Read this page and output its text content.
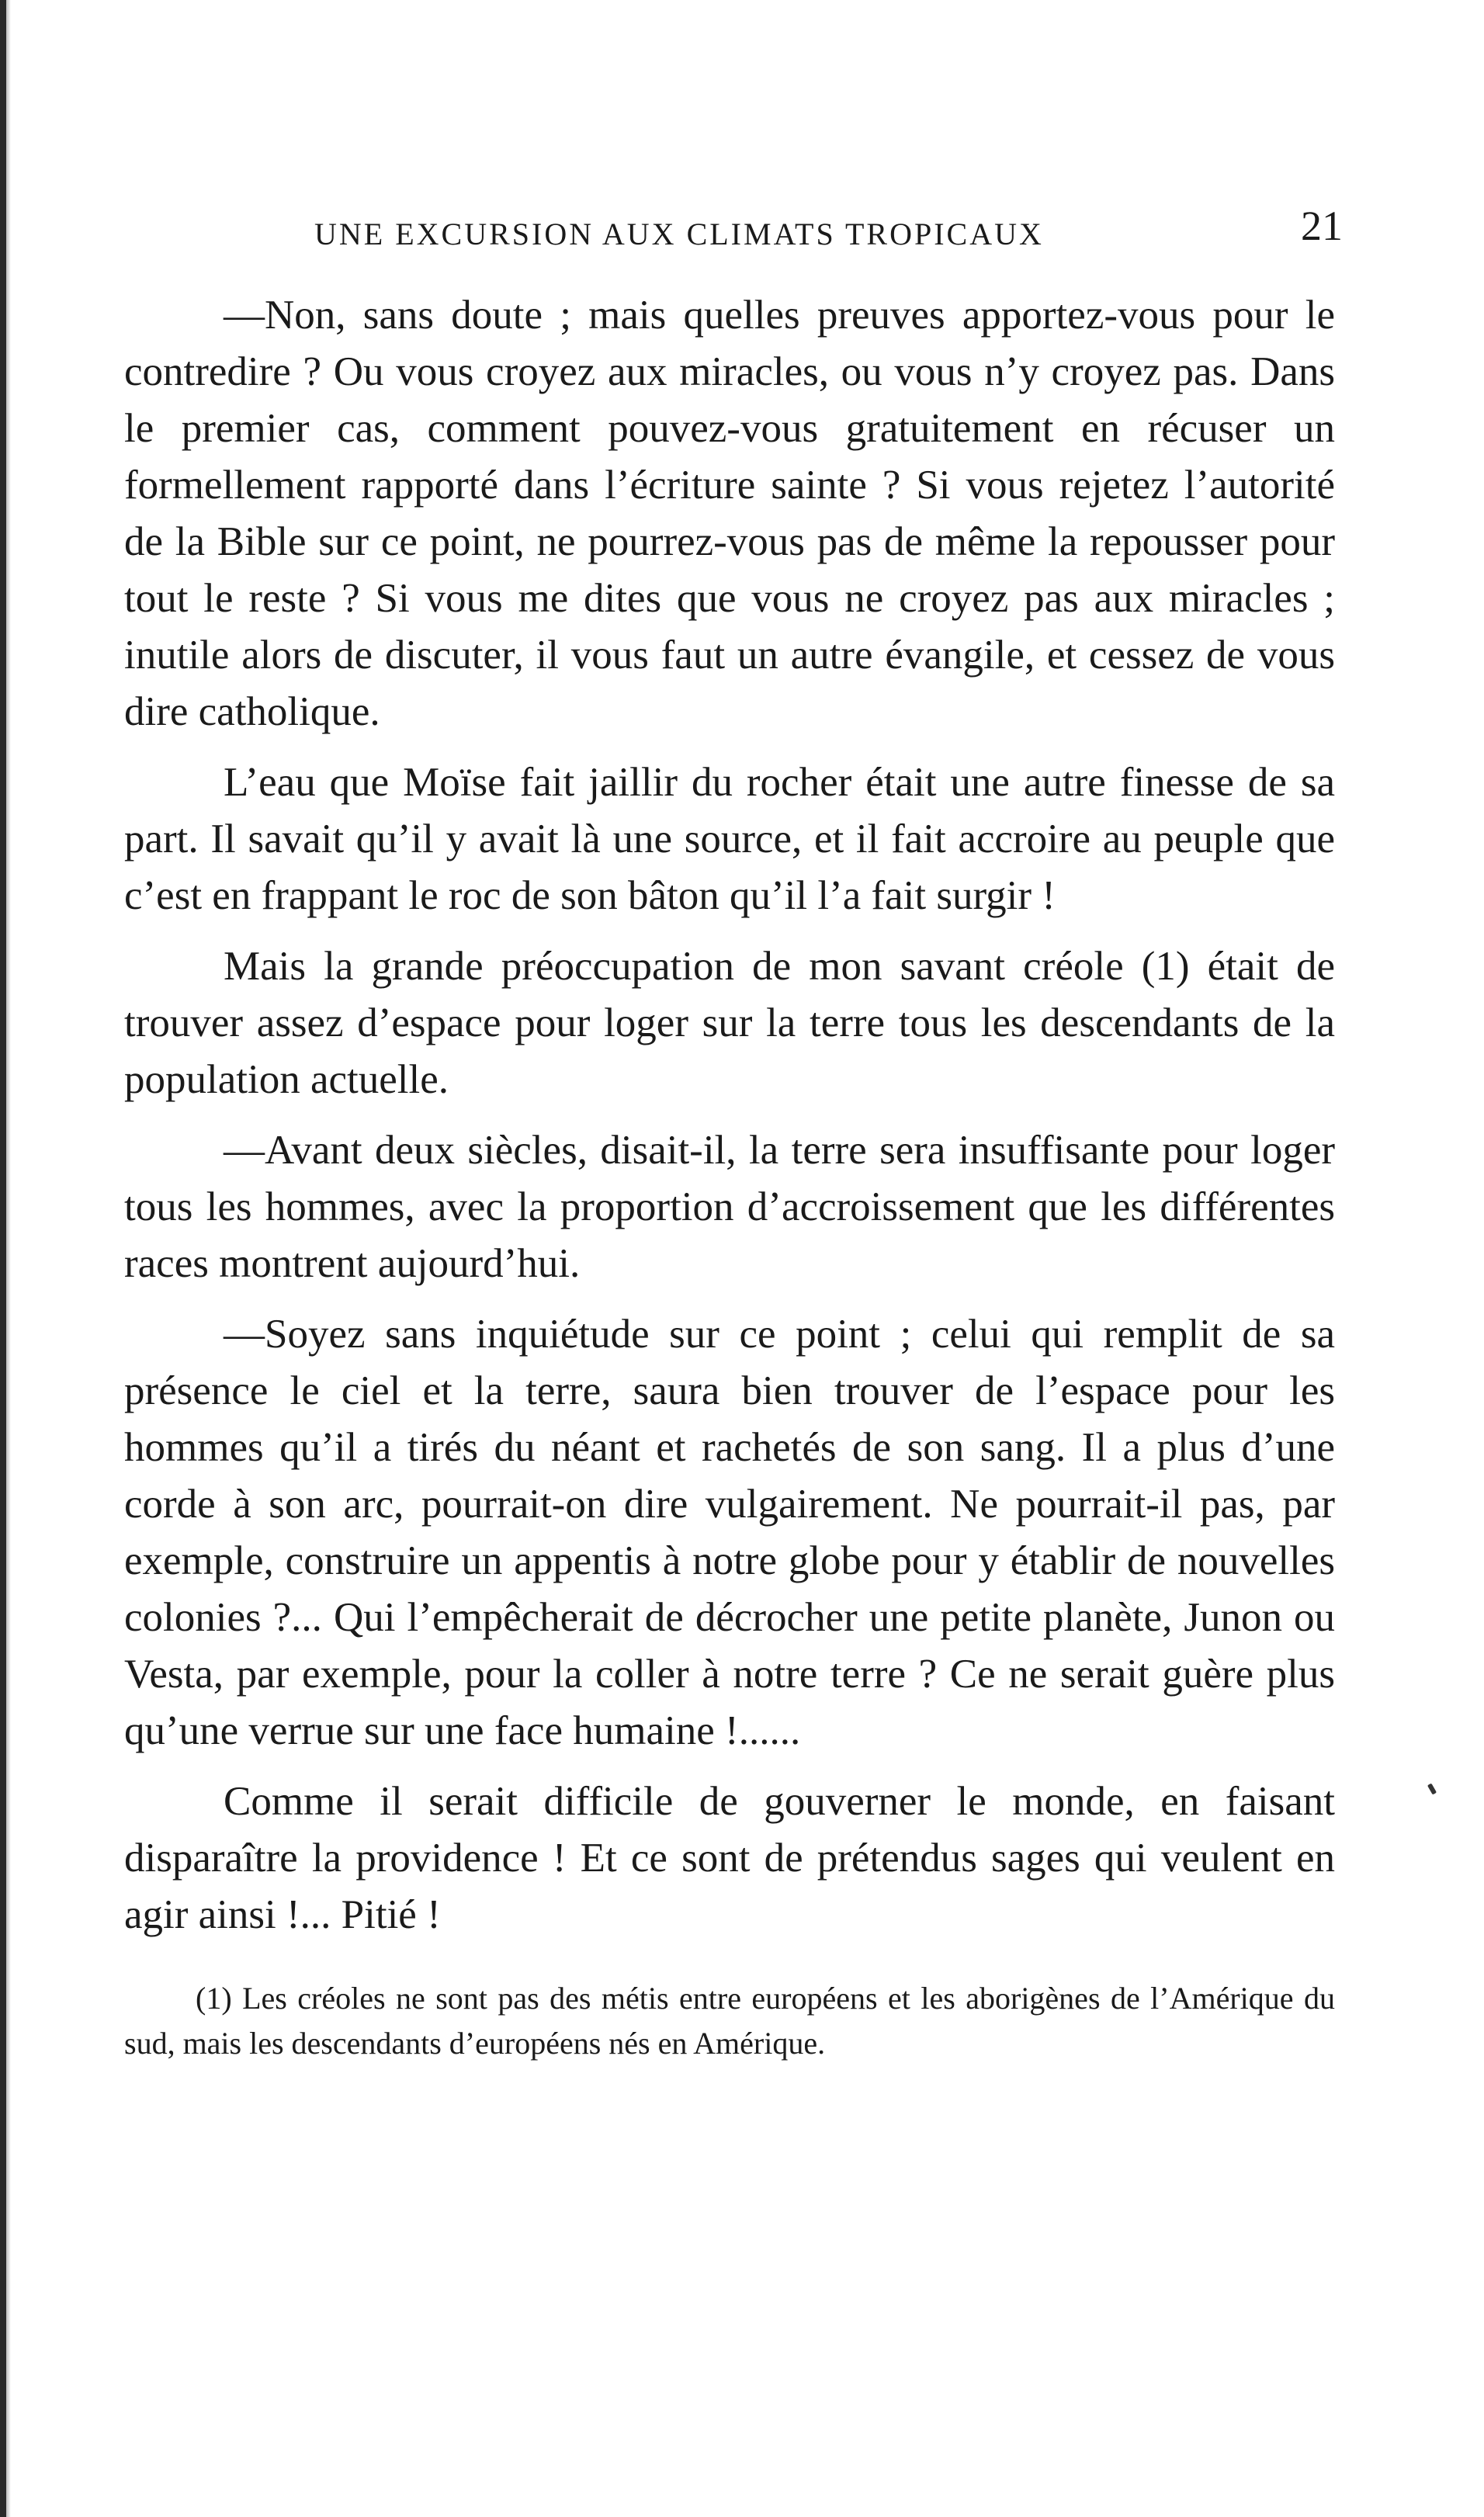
UNE EXCURSION AUX CLIMATS TROPICAUX	21

—Non, sans doute ; mais quelles preuves apportez-vous pour le contredire ? Ou vous croyez aux miracles, ou vous n’y croyez pas. Dans le premier cas, comment pouvez-vous gratuitement en récuser un formellement rapporté dans l’écriture sainte ? Si vous rejetez l’autorité de la Bible sur ce point, ne pourrez-vous pas de même la repousser pour tout le reste ? Si vous me dites que vous ne croyez pas aux miracles ; inutile alors de discuter, il vous faut un autre évangile, et cessez de vous dire catholique.

L’eau que Moïse fait jaillir du rocher était une autre finesse de sa part. Il savait qu’il y avait là une source, et il fait accroire au peuple que c’est en frappant le roc de son bâton qu’il l’a fait surgir !

Mais la grande préoccupation de mon savant créole (1) était de trouver assez d’espace pour loger sur la terre tous les descendants de la population actuelle.

—Avant deux siècles, disait-il, la terre sera insuffisante pour loger tous les hommes, avec la proportion d’accroissement que les différentes races montrent aujourd’hui.

—Soyez sans inquiétude sur ce point ; celui qui remplit de sa présence le ciel et la terre, saura bien trouver de l’espace pour les hommes qu’il a tirés du néant et rachetés de son sang. Il a plus d’une corde à son arc, pourrait-on dire vulgairement. Ne pourrait-il pas, par exemple, construire un appentis à notre globe pour y établir de nouvelles colonies ?... Qui l’empêcherait de décrocher une petite planète, Junon ou Vesta, par exemple, pour la coller à notre terre ? Ce ne serait guère plus qu’une verrue sur une face humaine !......

Comme il serait difficile de gouverner le monde, en faisant disparaître la providence ! Et ce sont de prétendus sages qui veulent en agir ainsi !... Pitié !

(1) Les créoles ne sont pas des métis entre européens et les aborigènes de l’Amérique du sud, mais les descendants d’européens nés en Amérique.
